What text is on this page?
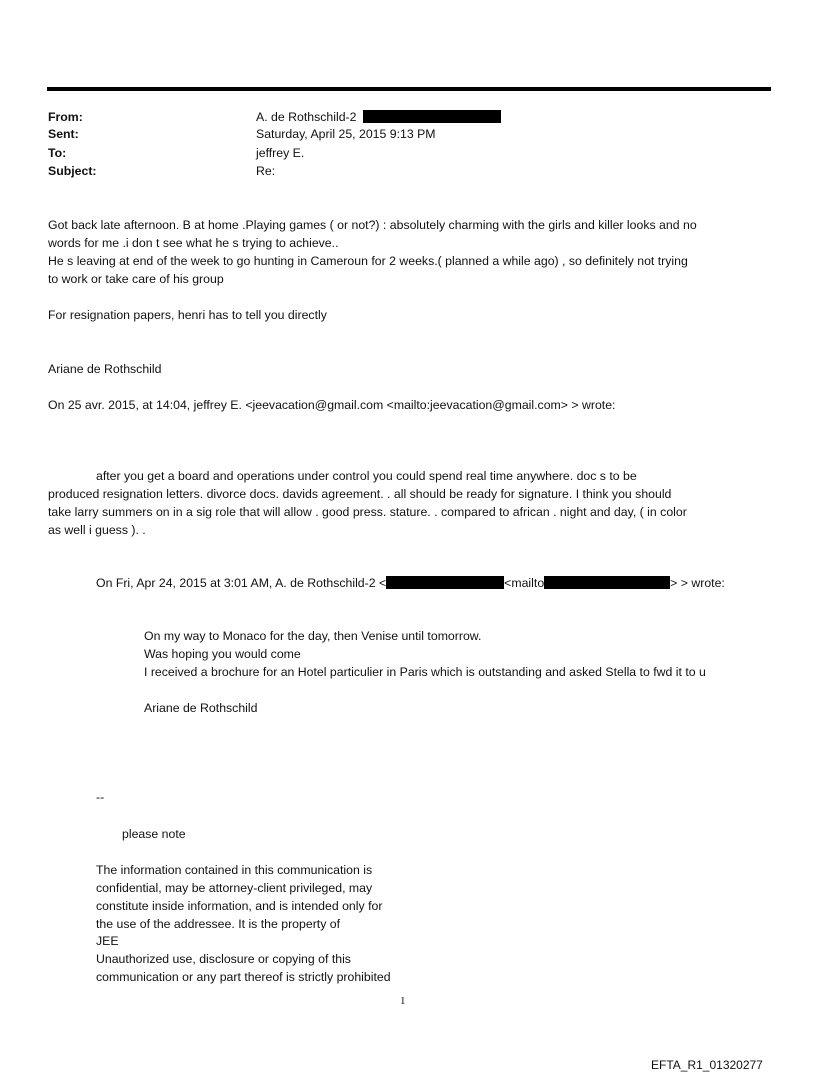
From:	A. de Rothschild-2
Sent:	Saturday, April 25, 2015 9:13 PM
To:	jeffrey E.
Subject:	Re:
Got back late afternoon. B at home .Playing games ( or not?) : absolutely charming with the girls and killer looks and no
words for me .i don t see what he s trying to achieve..
He s leaving at end of the week to go hunting in Cameroun for 2 weeks.( planned a while ago) , so definitely not trying
to work or take care of his group
For resignation papers, henri has to tell you directly
Ariane de Rothschild
On 25 avr. 2015, at 14:04, jeffrey E. <jeevacation@gmail.com <mailto:jeevacation@gmail.com> > wrote:
after you get a board and operations under control you could spend real time anywhere. doc s to be
produced resignation letters. divorce docs. davids agreement. . all should be ready for signature. I think you should
take larry summers on in a sig role that will allow . good press. stature. . compared to african . night and day, ( in color
as well i guess ). .
On Fri, Apr 24, 2015 at 3:01 AM, A. de Rothschild-2 <	<mailto	> > wrote:
On my way to Monaco for the day, then Venise until tomorrow.
Was hoping you would come
I received a brochure for an Hotel particulier in Paris which is outstanding and asked Stella to fwd it to u
Ariane de Rothschild
--
please note
The information contained in this communication is
confidential, may be attorney-client privileged, may
constitute inside information, and is intended only for
the use of the addressee. It is the property of
JEE
Unauthorized use, disclosure or copying of this
communication or any part thereof is strictly prohibited
1
EFTA_R1_01320277
